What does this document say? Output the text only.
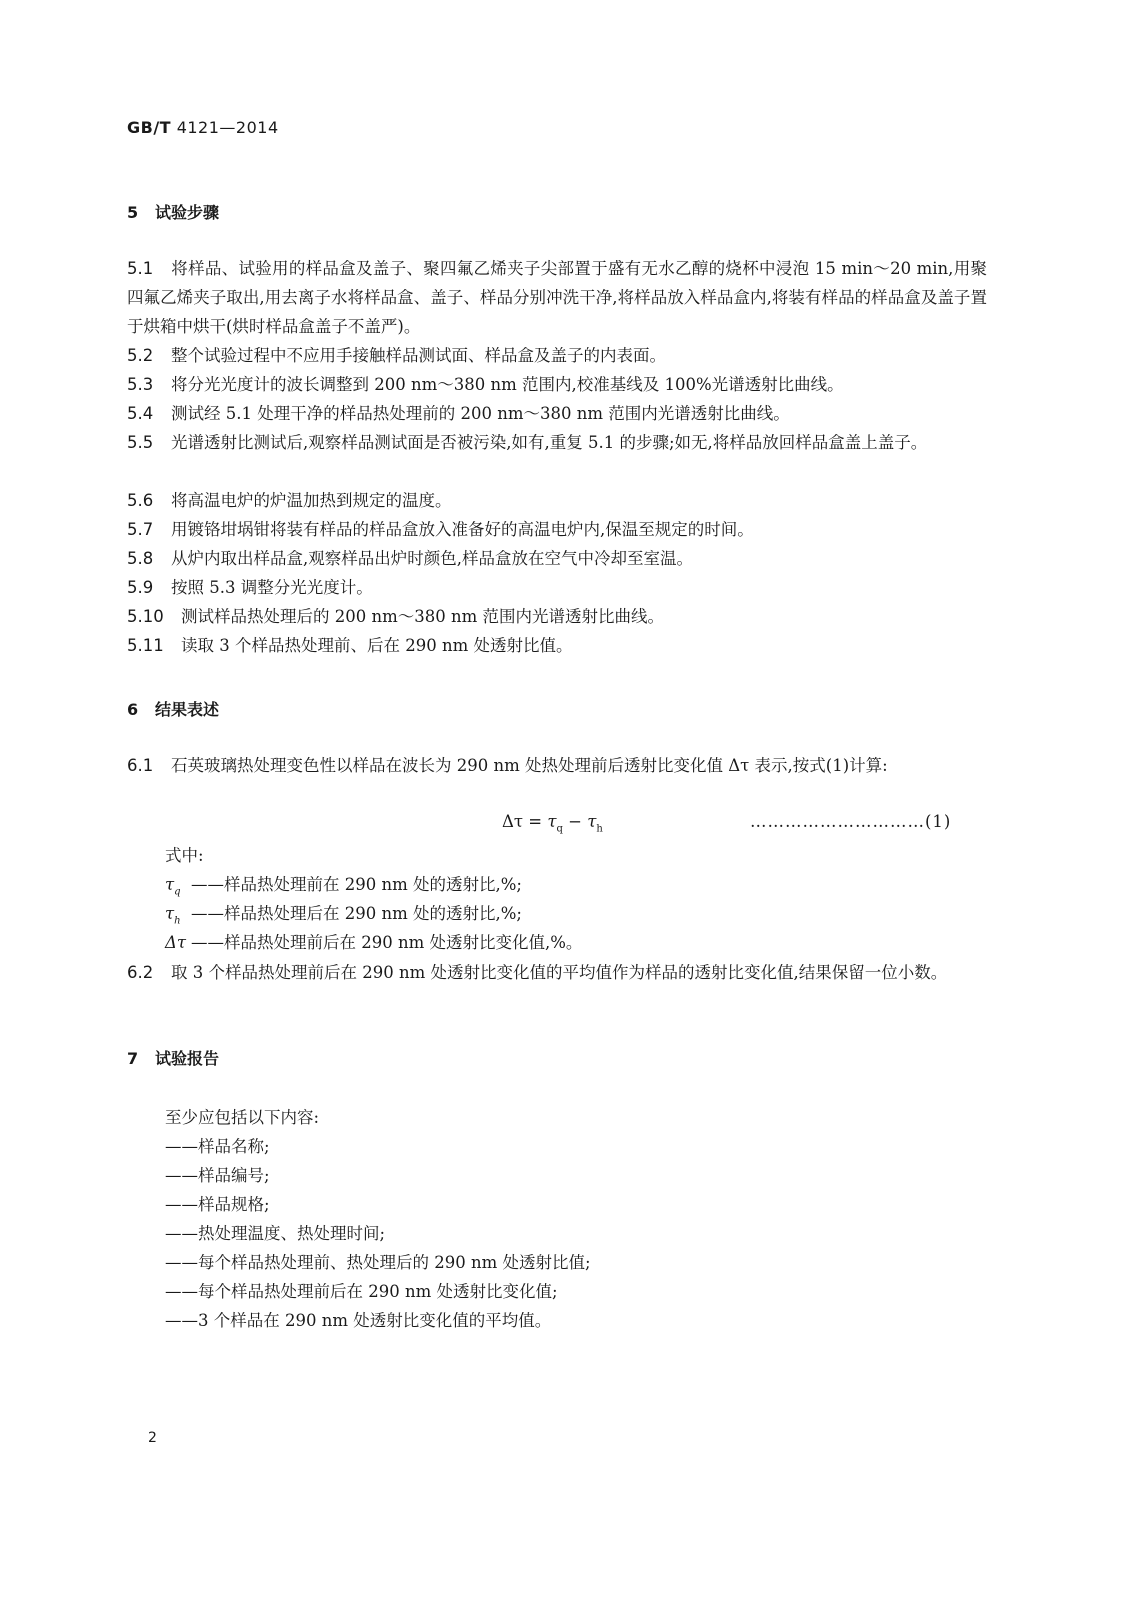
GB/T 4121—2014
5 试验步骤
5.1 将样品、试验用的样品盒及盖子、聚四氟乙烯夹子尖部置于盛有无水乙醇的烧杯中浸泡 15 min～20 min,用聚四氟乙烯夹子取出,用去离子水将样品盒、盖子、样品分别冲洗干净,将样品放入样品盒内,将装有样品的样品盒及盖子置于烘箱中烘干(烘时样品盒盖子不盖严)。
5.2 整个试验过程中不应用手接触样品测试面、样品盒及盖子的内表面。
5.3 将分光光度计的波长调整到 200 nm～380 nm 范围内,校准基线及 100%光谱透射比曲线。
5.4 测试经 5.1 处理干净的样品热处理前的 200 nm～380 nm 范围内光谱透射比曲线。
5.5 光谱透射比测试后,观察样品测试面是否被污染,如有,重复 5.1 的步骤;如无,将样品放回样品盒盖上盖子。
5.6 将高温电炉的炉温加热到规定的温度。
5.7 用镀铬坩埚钳将装有样品的样品盒放入准备好的高温电炉内,保温至规定的时间。
5.8 从炉内取出样品盒,观察样品出炉时颜色,样品盒放在空气中冷却至室温。
5.9 按照 5.3 调整分光光度计。
5.10 测试样品热处理后的 200 nm～380 nm 范围内光谱透射比曲线。
5.11 读取 3 个样品热处理前、后在 290 nm 处透射比值。
6 结果表述
6.1 石英玻璃热处理变色性以样品在波长为 290 nm 处热处理前后透射比变化值 Δτ 表示,按式(1)计算:
$\Delta\tau = \tau_q - \tau_h$	…………………………(1)
式中:
$\tau_q$ ——样品热处理前在 290 nm 处的透射比,%;
$\tau_h$ ——样品热处理后在 290 nm 处的透射比,%;
Δτ ——样品热处理前后在 290 nm 处透射比变化值,%。
6.2 取 3 个样品热处理前后在 290 nm 处透射比变化值的平均值作为样品的透射比变化值,结果保留一位小数。
7 试验报告
至少应包括以下内容:
——样品名称;
——样品编号;
——样品规格;
——热处理温度、热处理时间;
——每个样品热处理前、热处理后的 290 nm 处透射比值;
——每个样品热处理前后在 290 nm 处透射比变化值;
——3 个样品在 290 nm 处透射比变化值的平均值。
2
